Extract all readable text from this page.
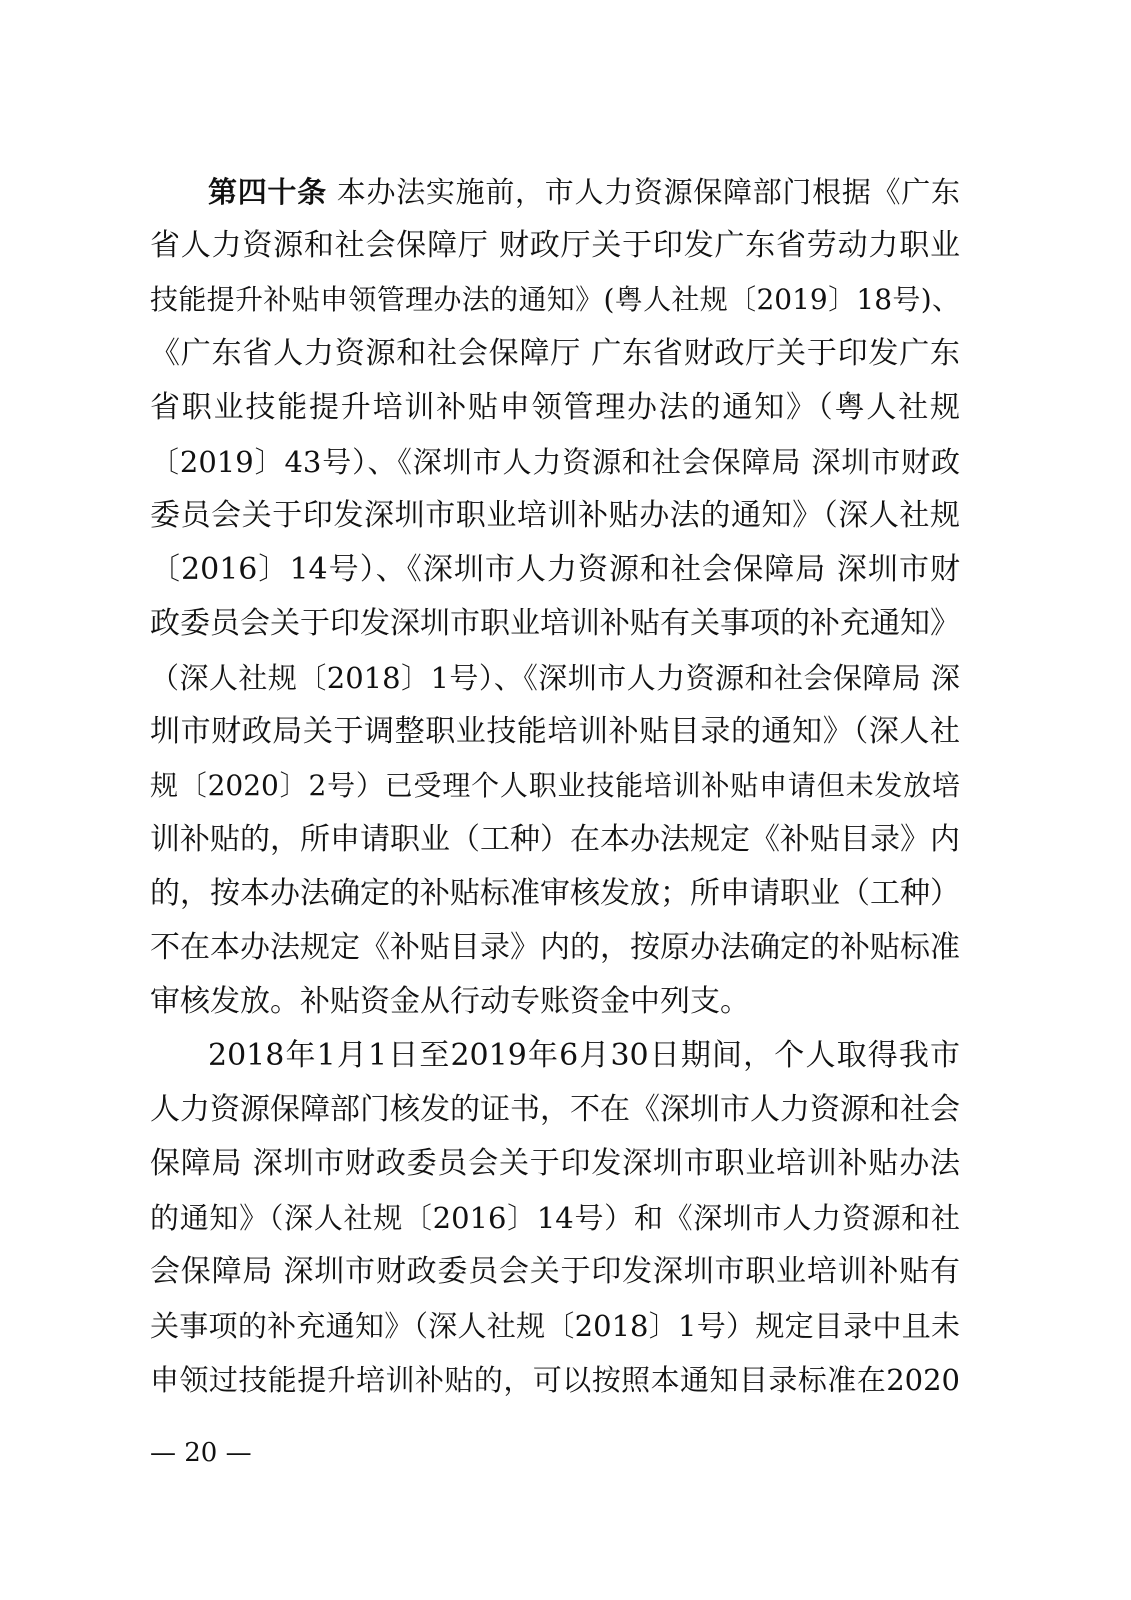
第四十条 本办法实施前，市人力资源保障部门根据《广东
省人力资源和社会保障厅 财政厅关于印发广东省劳动力职业
技能提升补贴申领管理办法的通知》(粤人社规〔2019〕18号)、
《广东省人力资源和社会保障厅 广东省财政厅关于印发广东
省职业技能提升培训补贴申领管理办法的通知》（粤人社规
〔2019〕43号）、《深圳市人力资源和社会保障局 深圳市财政
委员会关于印发深圳市职业培训补贴办法的通知》（深人社规
〔2016〕14号）、《深圳市人力资源和社会保障局 深圳市财
政委员会关于印发深圳市职业培训补贴有关事项的补充通知》
（深人社规〔2018〕1号）、《深圳市人力资源和社会保障局 深
圳市财政局关于调整职业技能培训补贴目录的通知》（深人社
规〔2020〕2号）已受理个人职业技能培训补贴申请但未发放培
训补贴的，所申请职业（工种）在本办法规定《补贴目录》内
的，按本办法确定的补贴标准审核发放；所申请职业（工种）
不在本办法规定《补贴目录》内的，按原办法确定的补贴标准
审核发放。补贴资金从行动专账资金中列支。
2018年1月1日至2019年6月30日期间，个人取得我市
人力资源保障部门核发的证书，不在《深圳市人力资源和社会
保障局 深圳市财政委员会关于印发深圳市职业培训补贴办法
的通知》（深人社规〔2016〕14号）和《深圳市人力资源和社
会保障局 深圳市财政委员会关于印发深圳市职业培训补贴有
关事项的补充通知》（深人社规〔2018〕1号）规定目录中且未
申领过技能提升培训补贴的，可以按照本通知目录标准在2020
— 20 —
